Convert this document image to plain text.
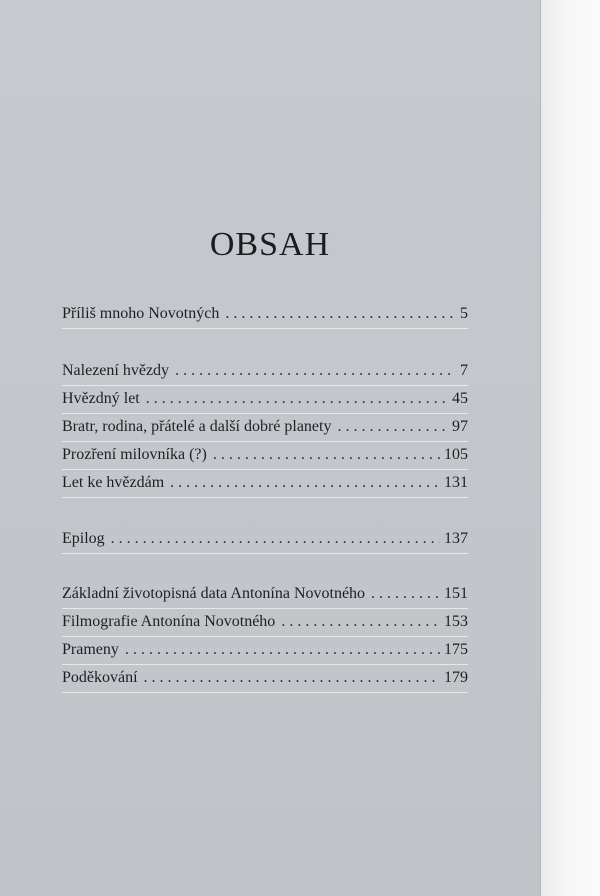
OBSAH
Příliš mnoho Novotných . . .	5
Nalezení hvězdy . . .	7
Hvězdný let . . .	45
Bratr, rodina, přátelé a další dobré planety . . .	97
Prozření milovníka (?) . . .	105
Let ke hvězdám . . .	131
Epilog . . .	137
Základní životopisná data Antonína Novotného . . .	151
Filmografie Antonína Novotného . . .	153
Prameny . . .	175
Poděkování . . .	179
